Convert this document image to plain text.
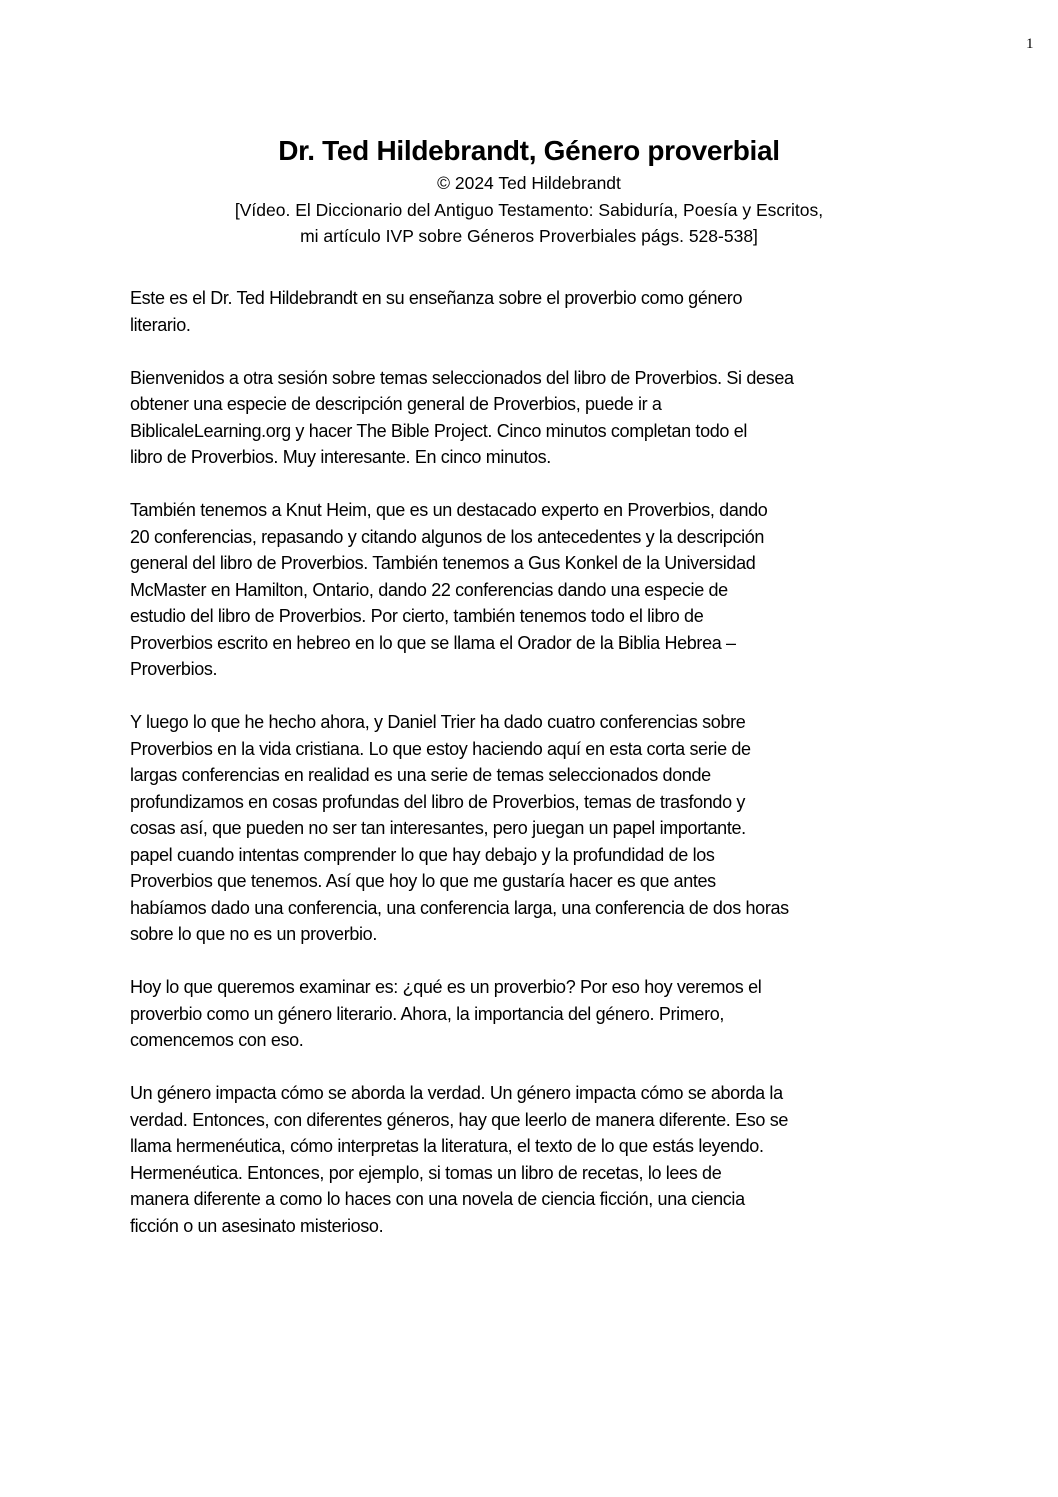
1
Dr. Ted Hildebrandt, Género proverbial
© 2024 Ted Hildebrandt
[Vídeo. El Diccionario del Antiguo Testamento: Sabiduría, Poesía y Escritos,
mi artículo IVP sobre Géneros Proverbiales págs. 528-538]

Este es el Dr. Ted Hildebrandt en su enseñanza sobre el proverbio como género
literario.

Bienvenidos a otra sesión sobre temas seleccionados del libro de Proverbios. Si desea
obtener una especie de descripción general de Proverbios, puede ir a
BiblicaleLearning.org y hacer The Bible Project. Cinco minutos completan todo el
libro de Proverbios. Muy interesante. En cinco minutos.

También tenemos a Knut Heim, que es un destacado experto en Proverbios, dando
20 conferencias, repasando y citando algunos de los antecedentes y la descripción
general del libro de Proverbios. También tenemos a Gus Konkel de la Universidad
McMaster en Hamilton, Ontario, dando 22 conferencias dando una especie de
estudio del libro de Proverbios. Por cierto, también tenemos todo el libro de
Proverbios escrito en hebreo en lo que se llama el Orador de la Biblia Hebrea –
Proverbios.

Y luego lo que he hecho ahora, y Daniel Trier ha dado cuatro conferencias sobre
Proverbios en la vida cristiana. Lo que estoy haciendo aquí en esta corta serie de
largas conferencias en realidad es una serie de temas seleccionados donde
profundizamos en cosas profundas del libro de Proverbios, temas de trasfondo y
cosas así, que pueden no ser tan interesantes, pero juegan un papel importante.
papel cuando intentas comprender lo que hay debajo y la profundidad de los
Proverbios que tenemos. Así que hoy lo que me gustaría hacer es que antes
habíamos dado una conferencia, una conferencia larga, una conferencia de dos horas
sobre lo que no es un proverbio.

Hoy lo que queremos examinar es: ¿qué es un proverbio? Por eso hoy veremos el
proverbio como un género literario. Ahora, la importancia del género. Primero,
comencemos con eso.

Un género impacta cómo se aborda la verdad. Un género impacta cómo se aborda la
verdad. Entonces, con diferentes géneros, hay que leerlo de manera diferente. Eso se
llama hermenéutica, cómo interpretas la literatura, el texto de lo que estás leyendo.
Hermenéutica. Entonces, por ejemplo, si tomas un libro de recetas, lo lees de
manera diferente a como lo haces con una novela de ciencia ficción, una ciencia
ficción o un asesinato misterioso.
